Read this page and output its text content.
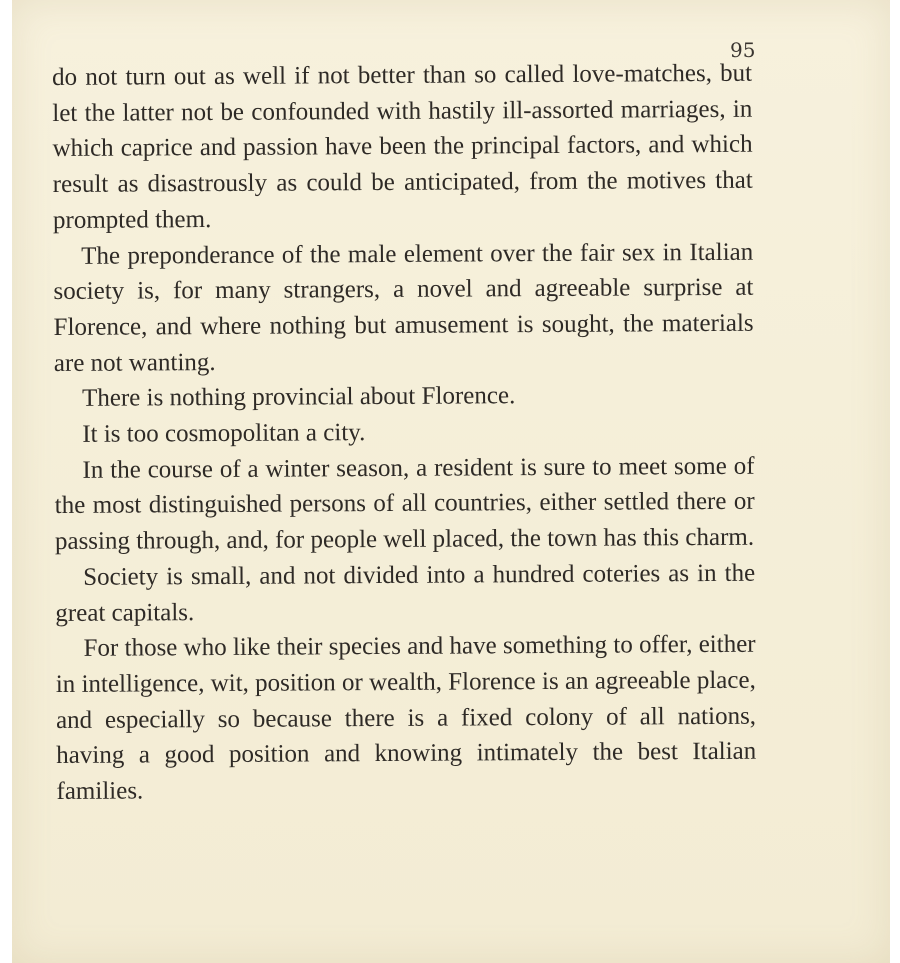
95

do not turn out as well if not better than so called love-matches, but let the latter not be confounded with hastily ill-assorted marriages, in which caprice and passion have been the principal factors, and which result as disastrously as could be anticipated, from the motives that prompted them.

The preponderance of the male element over the fair sex in Italian society is, for many strangers, a novel and agreeable surprise at Florence, and where nothing but amusement is sought, the materials are not wanting.

There is nothing provincial about Florence.

It is too cosmopolitan a city.

In the course of a winter season, a resident is sure to meet some of the most distinguished persons of all countries, either settled there or passing through, and, for people well placed, the town has this charm.

Society is small, and not divided into a hundred coteries as in the great capitals.

For those who like their species and have something to offer, either in intelligence, wit, position or wealth, Florence is an agreeable place, and especially so because there is a fixed colony of all nations, having a good position and knowing intimately the best Italian families.
